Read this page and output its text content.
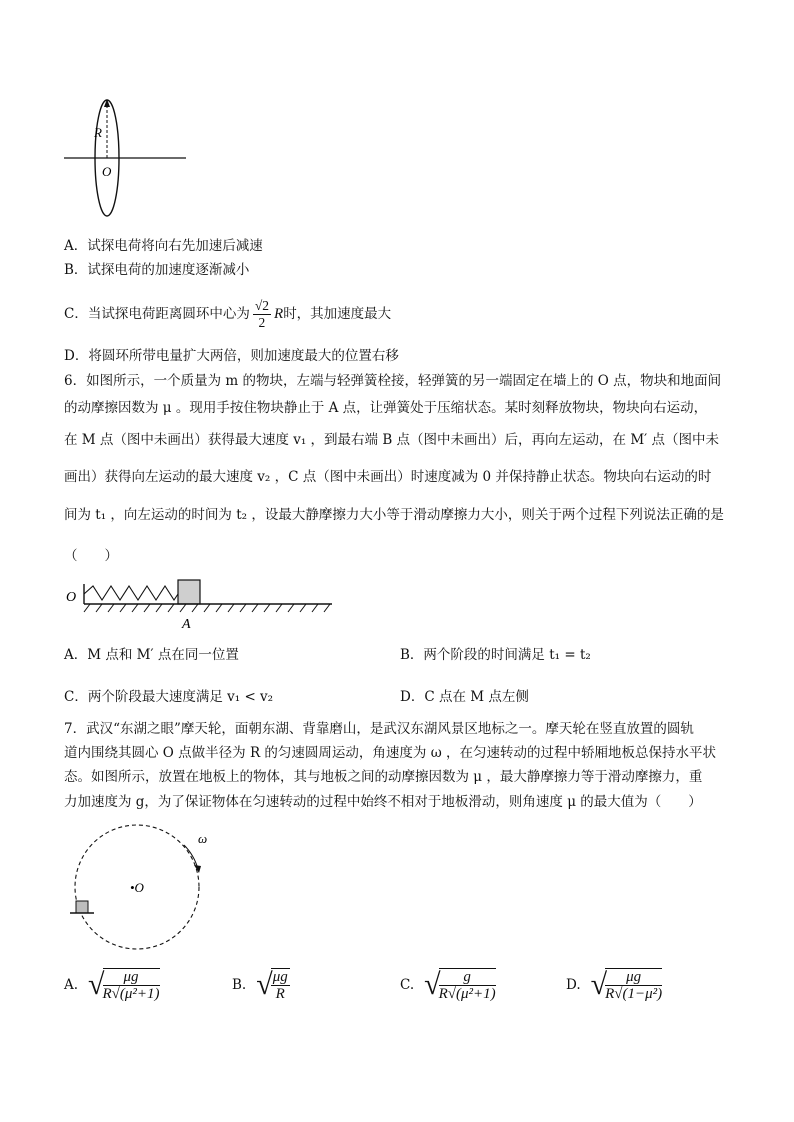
R
O
A．试探电荷将向右先加速后减速
B．试探电荷的加速度逐渐减小
C．当试探电荷距离圆环中心为 $\frac{√2}{2}$ R 时，其加速度最大
D．将圆环所带电量扩大两倍，则加速度最大的位置右移
6．如图所示，一个质量为 m 的物块，左端与轻弹簧栓接，轻弹簧的另一端固定在墙上的 O 点，物块和地面间
的动摩擦因数为 μ 。现用手按住物块静止于 A 点，让弹簧处于压缩状态。某时刻释放物块，物块向右运动，
在 M 点（图中未画出）获得最大速度 v₁ ，到最右端 B 点（图中未画出）后，再向左运动，在 M′ 点（图中未
画出）获得向左运动的最大速度 v₂ ，C 点（图中未画出）时速度减为 0 并保持静止状态。物块向右运动的时
间为 t₁ ，向左运动的时间为 t₂ ，设最大静摩擦力大小等于滑动摩擦力大小，则关于两个过程下列说法正确的是
（　　）
O
A
A．M 点和 M′ 点在同一位置	B．两个阶段的时间满足 t₁ = t₂
C．两个阶段最大速度满足 v₁ < v₂	D．C 点在 M 点左侧
7．武汉“东湖之眼”摩天轮，面朝东湖、背靠磨山，是武汉东湖风景区地标之一。摩天轮在竖直放置的圆轨
道内围绕其圆心 O 点做半径为 R 的匀速圆周运动，角速度为 ω ，在匀速转动的过程中轿厢地板总保持水平状
态。如图所示，放置在地板上的物体，其与地板之间的动摩擦因数为 μ ，最大静摩擦力等于滑动摩擦力，重
力加速度为 g，为了保证物体在匀速转动的过程中始终不相对于地板滑动，则角速度 μ 的最大值为（　　）
ω
•O
A. √
$\frac{\mu g}{\text{R√(μ²+1)}}$	B. √
$\frac{\mu g}{R}$	C. √
$\frac{g}{\text{R√(μ²+1)}}$	D. √
$\frac{\mu g}{\text{R√(1−μ²)}}$
